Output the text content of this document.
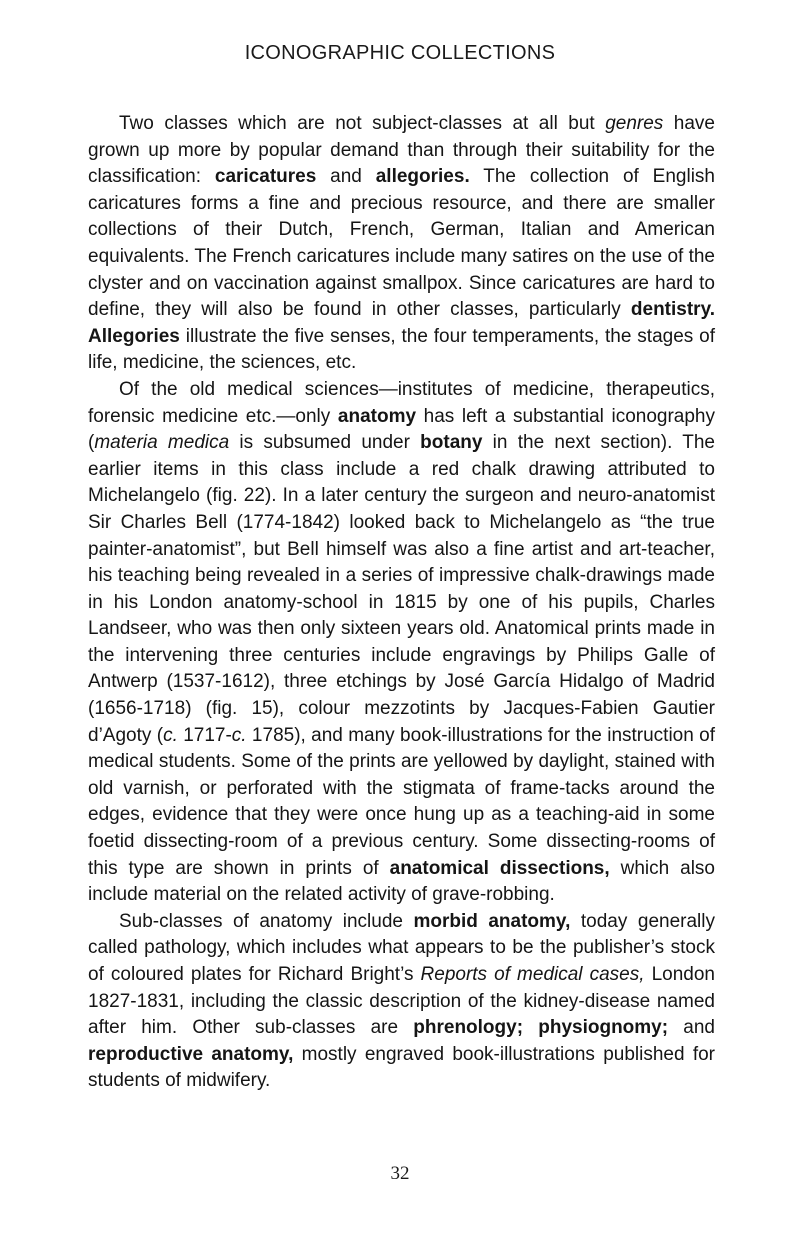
ICONOGRAPHIC COLLECTIONS

Two classes which are not subject-classes at all but genres have grown up more by popular demand than through their suitability for the classification: caricatures and allegories. The collection of English caricatures forms a fine and precious resource, and there are smaller collections of their Dutch, French, German, Italian and American equivalents. The French caricatures include many satires on the use of the clyster and on vaccination against smallpox. Since caricatures are hard to define, they will also be found in other classes, particularly dentistry. Allegories illustrate the five senses, the four temperaments, the stages of life, medicine, the sciences, etc.

Of the old medical sciences—institutes of medicine, therapeutics, forensic medicine etc.—only anatomy has left a substantial iconography (materia medica is subsumed under botany in the next section). The earlier items in this class include a red chalk drawing attributed to Michelangelo (fig. 22). In a later century the surgeon and neuro-anatomist Sir Charles Bell (1774-1842) looked back to Michelangelo as “the true painter-anatomist”, but Bell himself was also a fine artist and art-teacher, his teaching being revealed in a series of impressive chalk-drawings made in his London anatomy-school in 1815 by one of his pupils, Charles Landseer, who was then only sixteen years old. Anatomical prints made in the intervening three centuries include engravings by Philips Galle of Antwerp (1537-1612), three etchings by José García Hidalgo of Madrid (1656-1718) (fig. 15), colour mezzotints by Jacques-Fabien Gautier d’Agoty (c. 1717-c. 1785), and many book-illustrations for the instruction of medical students. Some of the prints are yellowed by daylight, stained with old varnish, or perforated with the stigmata of frame-tacks around the edges, evidence that they were once hung up as a teaching-aid in some foetid dissecting-room of a previous century. Some dissecting-rooms of this type are shown in prints of anatomical dissections, which also include material on the related activity of grave-robbing.

Sub-classes of anatomy include morbid anatomy, today generally called pathology, which includes what appears to be the publisher’s stock of coloured plates for Richard Bright’s Reports of medical cases, London 1827-1831, including the classic description of the kidney-disease named after him. Other sub-classes are phrenology; physiognomy; and reproductive anatomy, mostly engraved book-illustrations published for students of midwifery.

32
